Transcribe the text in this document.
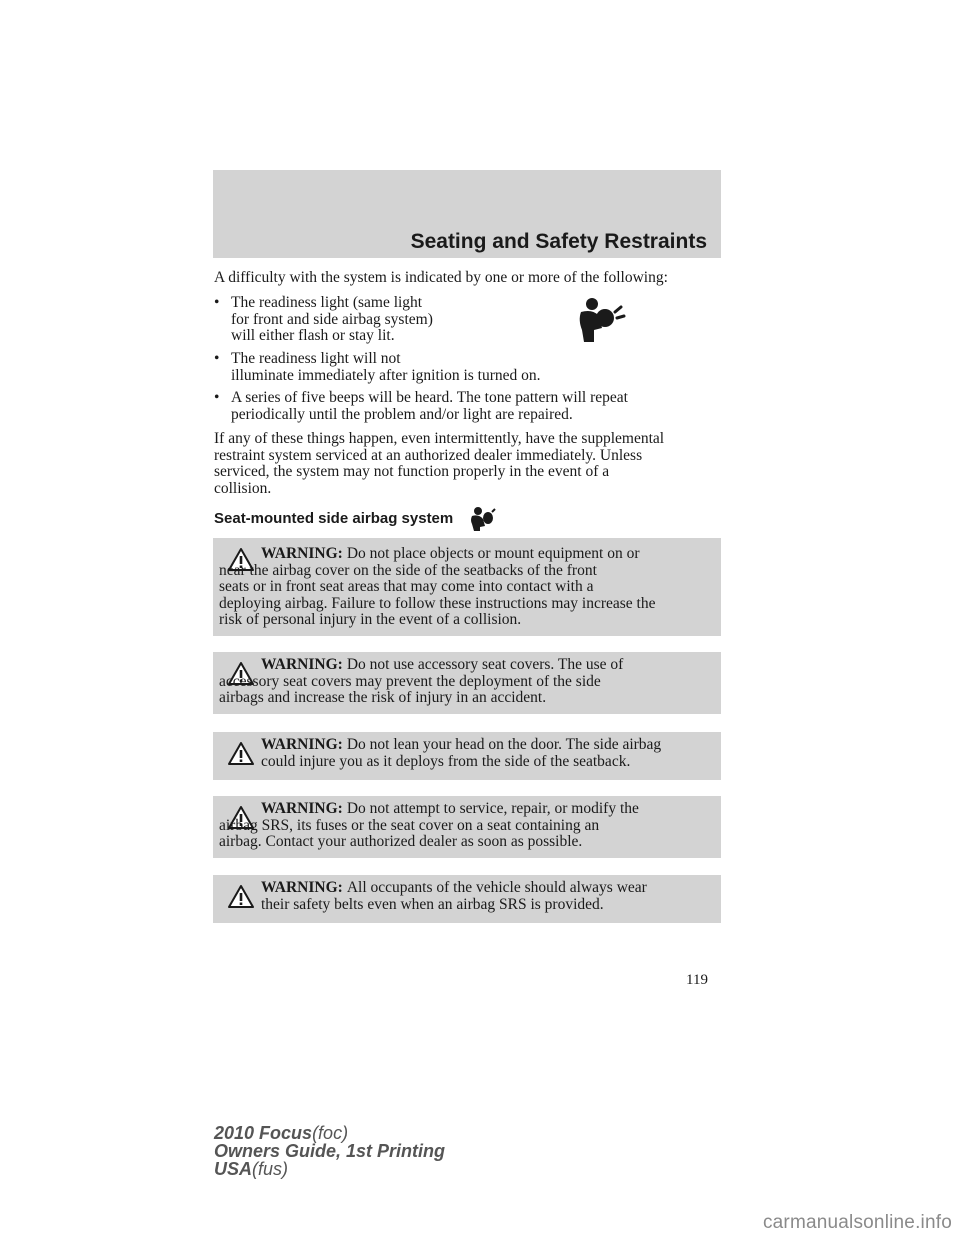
Seating and Safety Restraints

A difficulty with the system is indicated by one or more of the following:

• The readiness light (same light
for front and side airbag system)
will either flash or stay lit.
• The readiness light will not
illuminate immediately after ignition is turned on.
• A series of five beeps will be heard. The tone pattern will repeat
periodically until the problem and/or light are repaired.

If any of these things happen, even intermittently, have the supplemental
restraint system serviced at an authorized dealer immediately. Unless
serviced, the system may not function properly in the event of a
collision.

Seat-mounted side airbag system

WARNING: Do not place objects or mount equipment on or
near the airbag cover on the side of the seatbacks of the front
seats or in front seat areas that may come into contact with a
deploying airbag. Failure to follow these instructions may increase the
risk of personal injury in the event of a collision.

WARNING: Do not use accessory seat covers. The use of
accessory seat covers may prevent the deployment of the side
airbags and increase the risk of injury in an accident.

WARNING: Do not lean your head on the door. The side airbag
could injure you as it deploys from the side of the seatback.

WARNING: Do not attempt to service, repair, or modify the
airbag SRS, its fuses or the seat cover on a seat containing an
airbag. Contact your authorized dealer as soon as possible.

WARNING: All occupants of the vehicle should always wear
their safety belts even when an airbag SRS is provided.

119
2010 Focus(foc)
Owners Guide, 1st Printing
USA(fus)
carmanualsonline.info
